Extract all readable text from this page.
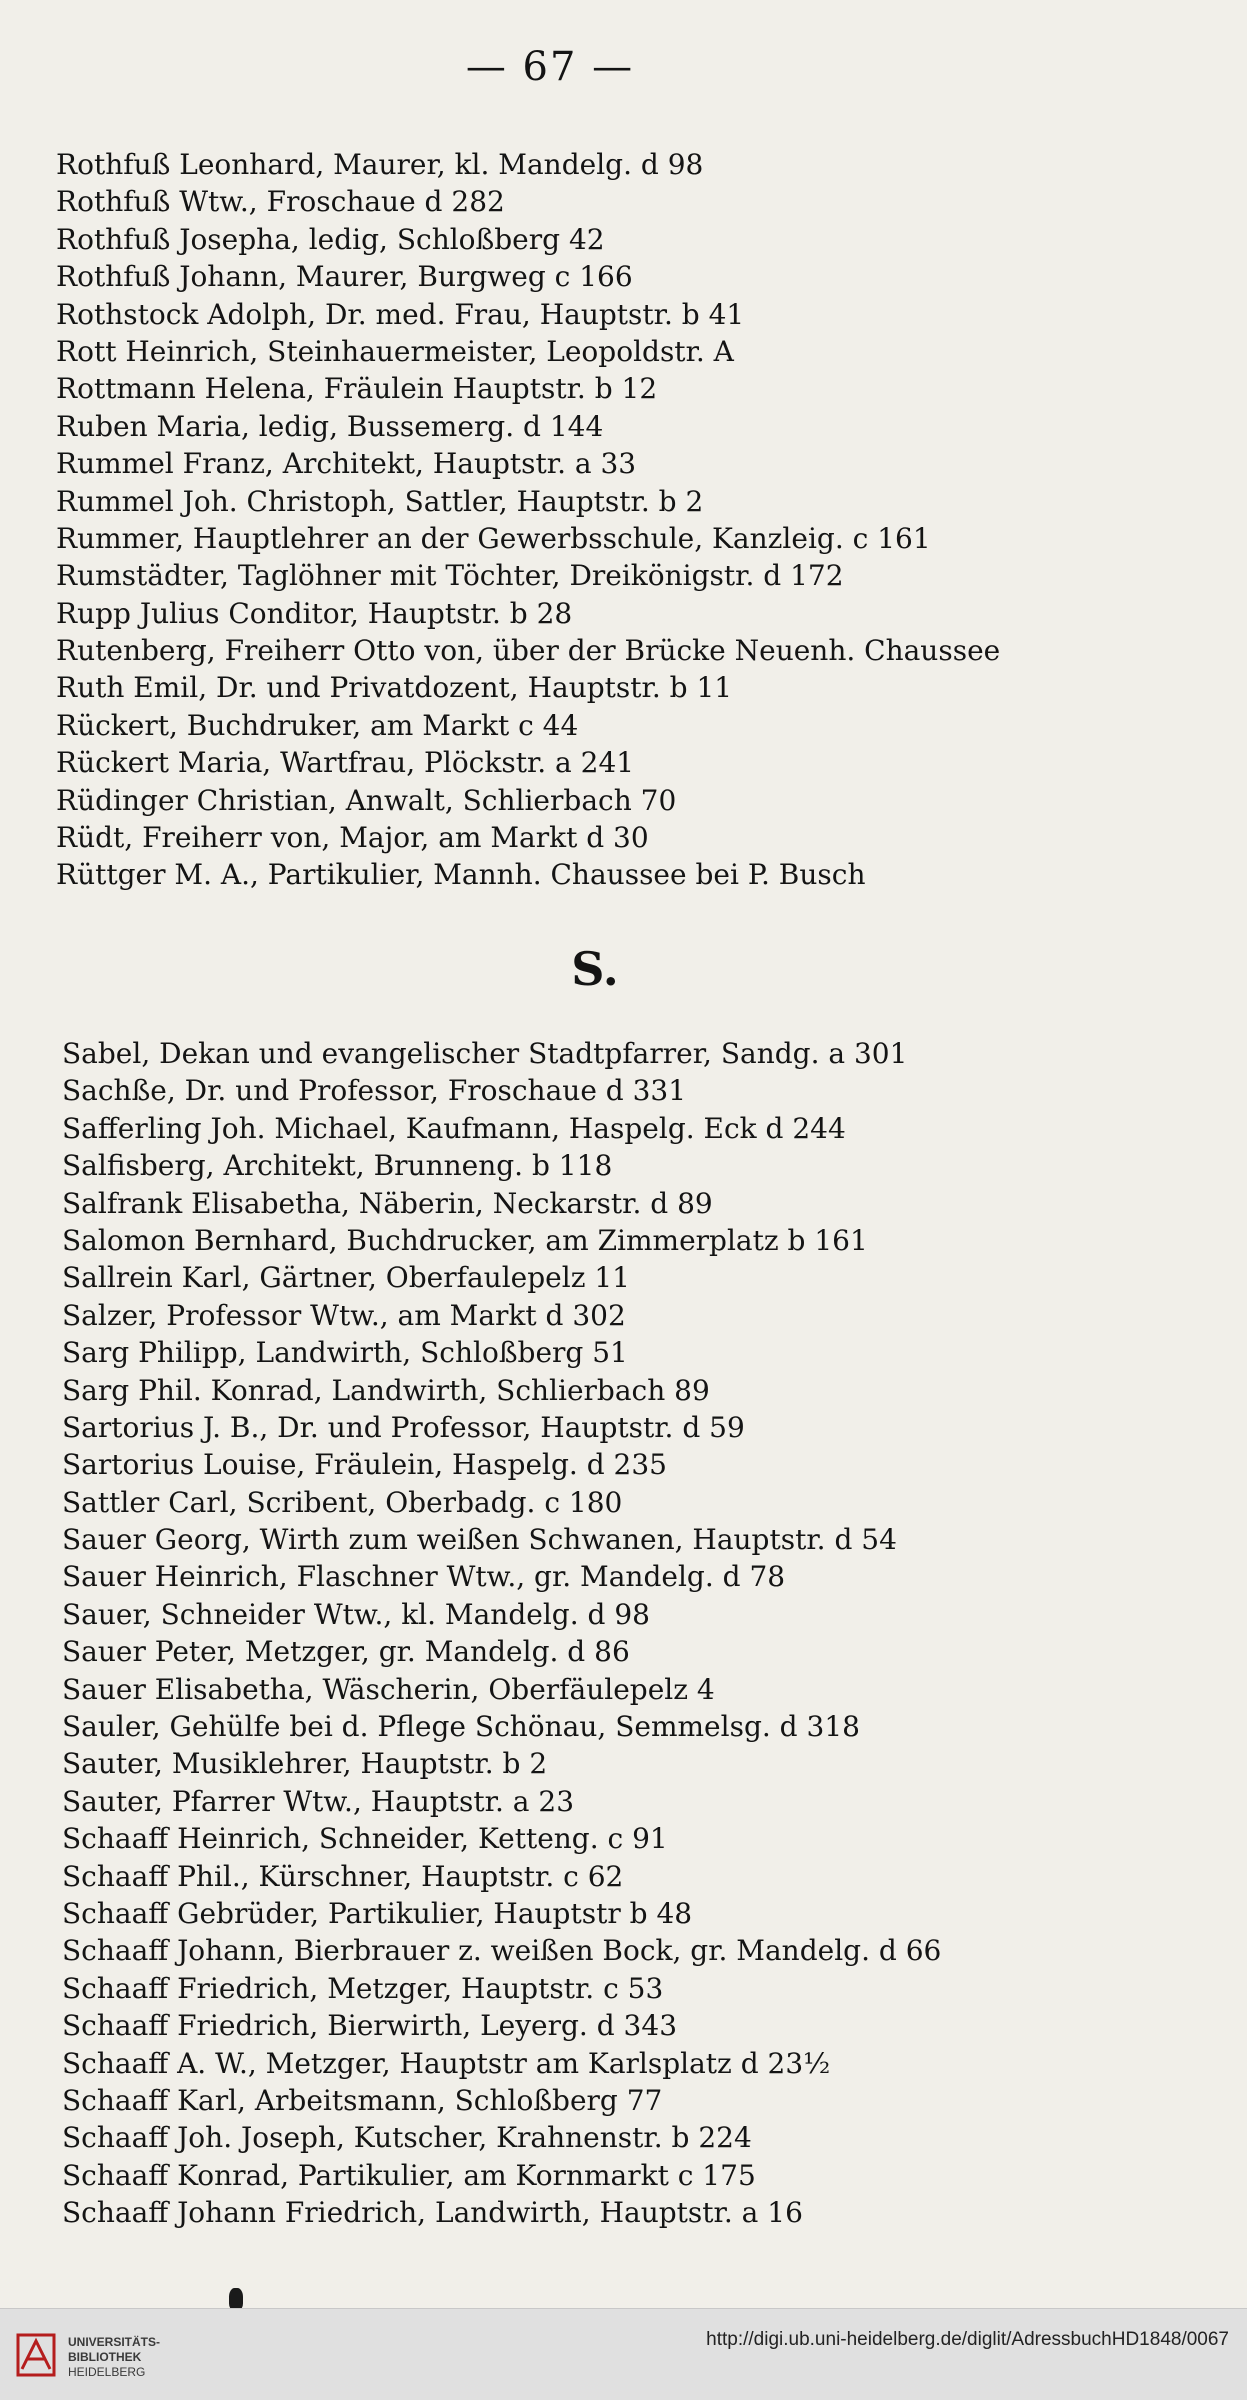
— 67 —
Rothfuß Leonhard, Maurer, kl. Mandelg. d 98
Rothfuß Wtw., Froschaue d 282
Rothfuß Josepha, ledig, Schloßberg 42
Rothfuß Johann, Maurer, Burgweg c 166
Rothstock Adolph, Dr. med. Frau, Hauptstr. b 41
Rott Heinrich, Steinhauermeister, Leopoldstr. A
Rottmann Helena, Fräulein Hauptstr. b 12
Ruben Maria, ledig, Bussemerg. d 144
Rummel Franz, Architekt, Hauptstr. a 33
Rummel Joh. Christoph, Sattler, Hauptstr. b 2
Rummer, Hauptlehrer an der Gewerbsschule, Kanzleig. c 161
Rumstädter, Taglöhner mit Töchter, Dreikönigstr. d 172
Rupp Julius Conditor, Hauptstr. b 28
Rutenberg, Freiherr Otto von, über der Brücke Neuenh. Chaussee
Ruth Emil, Dr. und Privatdozent, Hauptstr. b 11
Rückert, Buchdruker, am Markt c 44
Rückert Maria, Wartfrau, Plöckstr. a 241
Rüdinger Christian, Anwalt, Schlierbach 70
Rüdt, Freiherr von, Major, am Markt d 30
Rüttger M. A., Partikulier, Mannh. Chaussee bei P. Busch
S.
Sabel, Dekan und evangelischer Stadtpfarrer, Sandg. a 301
Sachße, Dr. und Professor, Froschaue d 331
Safferling Joh. Michael, Kaufmann, Haspelg. Eck d 244
Salfisberg, Architekt, Brunneng. b 118
Salfrank Elisabetha, Näberin, Neckarstr. d 89
Salomon Bernhard, Buchdrucker, am Zimmerplatz b 161
Sallrein Karl, Gärtner, Oberfaulepelz 11
Salzer, Professor Wtw., am Markt d 302
Sarg Philipp, Landwirth, Schloßberg 51
Sarg Phil. Konrad, Landwirth, Schlierbach 89
Sartorius J. B., Dr. und Professor, Hauptstr. d 59
Sartorius Louise, Fräulein, Haspelg. d 235
Sattler Carl, Scribent, Oberbadg. c 180
Sauer Georg, Wirth zum weißen Schwanen, Hauptstr. d 54
Sauer Heinrich, Flaschner Wtw., gr. Mandelg. d 78
Sauer, Schneider Wtw., kl. Mandelg. d 98
Sauer Peter, Metzger, gr. Mandelg. d 86
Sauer Elisabetha, Wäscherin, Oberfäulepelz 4
Sauler, Gehülfe bei d. Pflege Schönau, Semmelsg. d 318
Sauter, Musiklehrer, Hauptstr. b 2
Sauter, Pfarrer Wtw., Hauptstr. a 23
Schaaff Heinrich, Schneider, Ketteng. c 91
Schaaff Phil., Kürschner, Hauptstr. c 62
Schaaff Gebrüder, Partikulier, Hauptstr b 48
Schaaff Johann, Bierbrauer z. weißen Bock, gr. Mandelg. d 66
Schaaff Friedrich, Metzger, Hauptstr. c 53
Schaaff Friedrich, Bierwirth, Leyerg. d 343
Schaaff A. W., Metzger, Hauptstr am Karlsplatz d 23½
Schaaff Karl, Arbeitsmann, Schloßberg 77
Schaaff Joh. Joseph, Kutscher, Krahnenstr. b 224
Schaaff Konrad, Partikulier, am Kornmarkt c 175
Schaaff Johann Friedrich, Landwirth, Hauptstr. a 16
UNIVERSITÄTS-
BIBLIOTHEK
HEIDELBERG
http://digi.ub.uni-heidelberg.de/diglit/AdressbuchHD1848/0067
